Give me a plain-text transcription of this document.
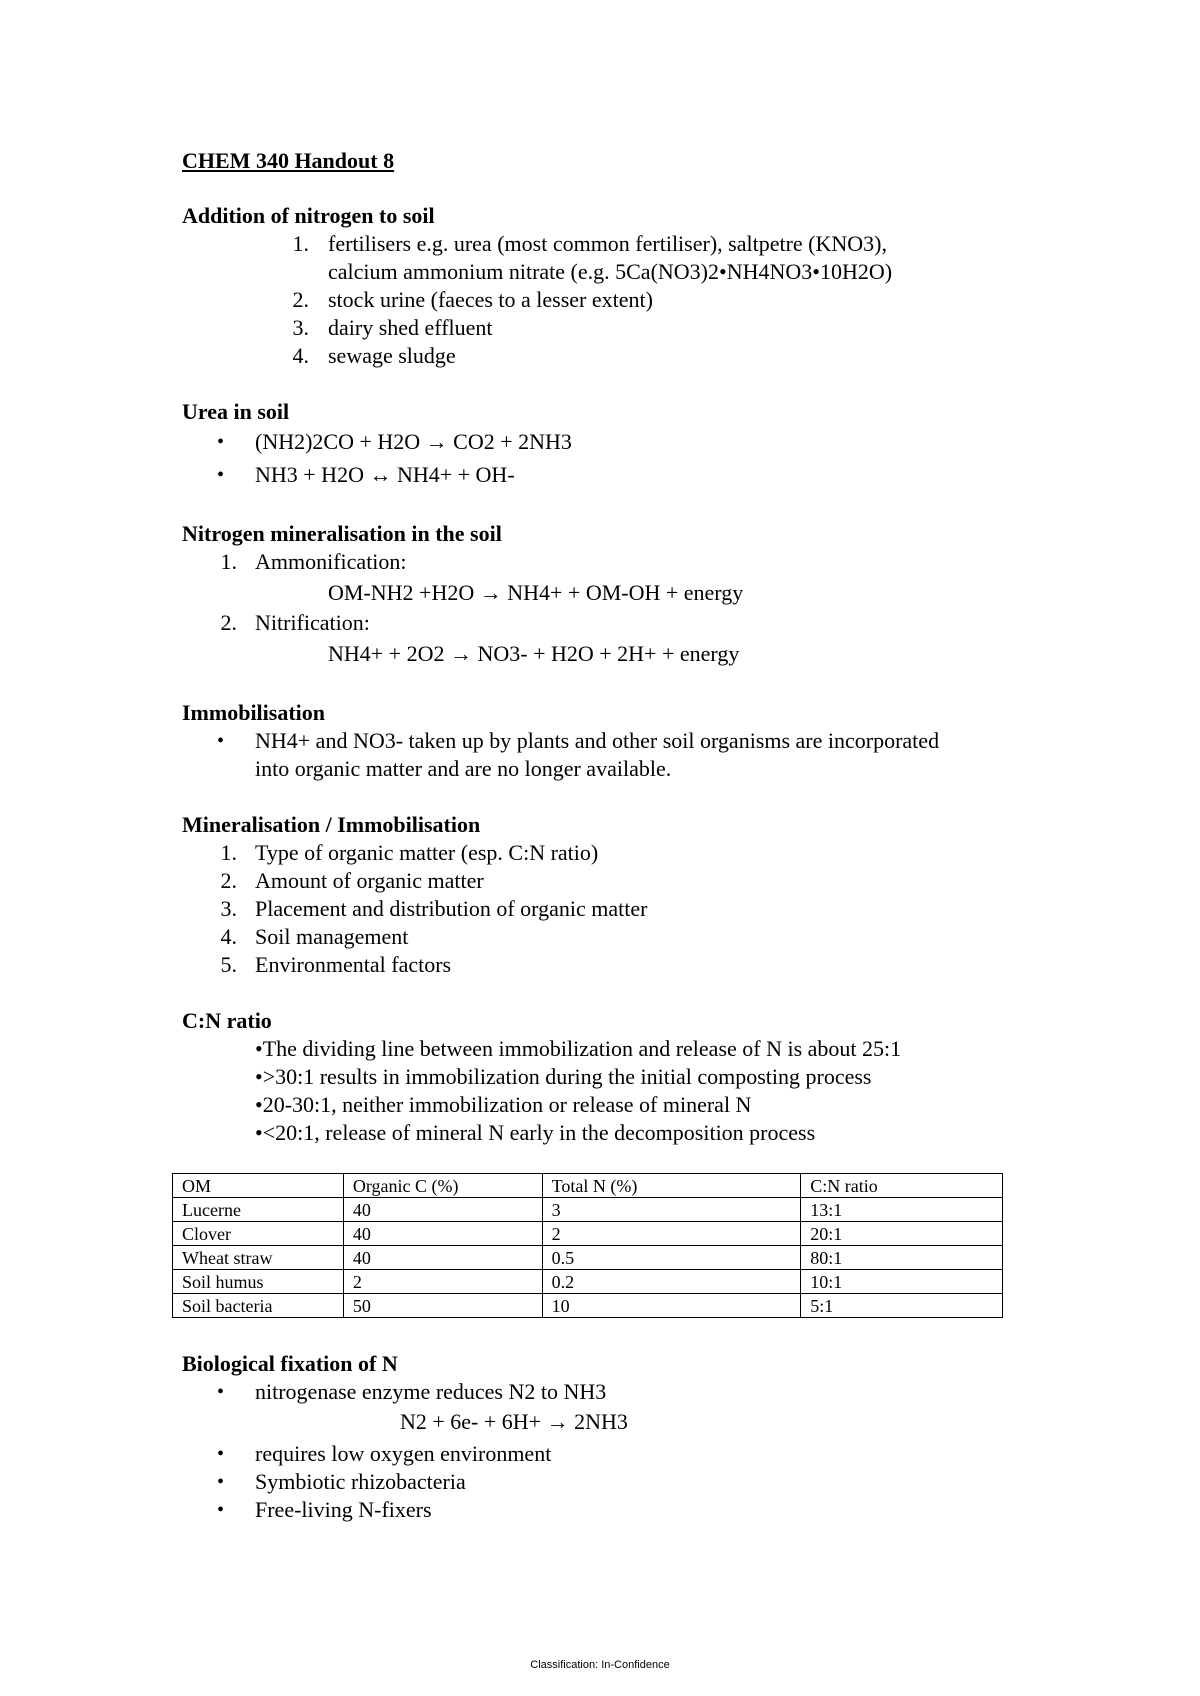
CHEM 340 Handout 8
Addition of nitrogen to soil
1. fertilisers e.g. urea (most common fertiliser), saltpetre (KNO3),
calcium ammonium nitrate (e.g. 5Ca(NO3)2•NH4NO3•10H2O)
2. stock urine (faeces to a lesser extent)
3. dairy shed effluent
4. sewage sludge
Urea in soil
• (NH2)2CO + H2O → CO2 + 2NH3
• NH3 + H2O ↔ NH4+ + OH-
Nitrogen mineralisation in the soil
1. Ammonification:
OM-NH2 +H2O → NH4+ + OM-OH + energy
2. Nitrification:
NH4+ + 2O2 → NO3- + H2O + 2H+ + energy
Immobilisation
• NH4+ and NO3- taken up by plants and other soil organisms are incorporated
into organic matter and are no longer available.
Mineralisation / Immobilisation
1. Type of organic matter (esp. C:N ratio)
2. Amount of organic matter
3. Placement and distribution of organic matter
4. Soil management
5. Environmental factors
C:N ratio
•The dividing line between immobilization and release of N is about 25:1
•>30:1 results in immobilization during the initial composting process
•20-30:1, neither immobilization or release of mineral N
•<20:1, release of mineral N early in the decomposition process
OM	Organic C (%)	Total N (%)	C:N ratio
Lucerne	40	3	13:1
Clover	40	2	20:1
Wheat straw	40	0.5	80:1
Soil humus	2	0.2	10:1
Soil bacteria	50	10	5:1
Biological fixation of N
• nitrogenase enzyme reduces N2 to NH3
N2 + 6e- + 6H+ → 2NH3
• requires low oxygen environment
• Symbiotic rhizobacteria
• Free-living N-fixers
Classification: In-Confidence
